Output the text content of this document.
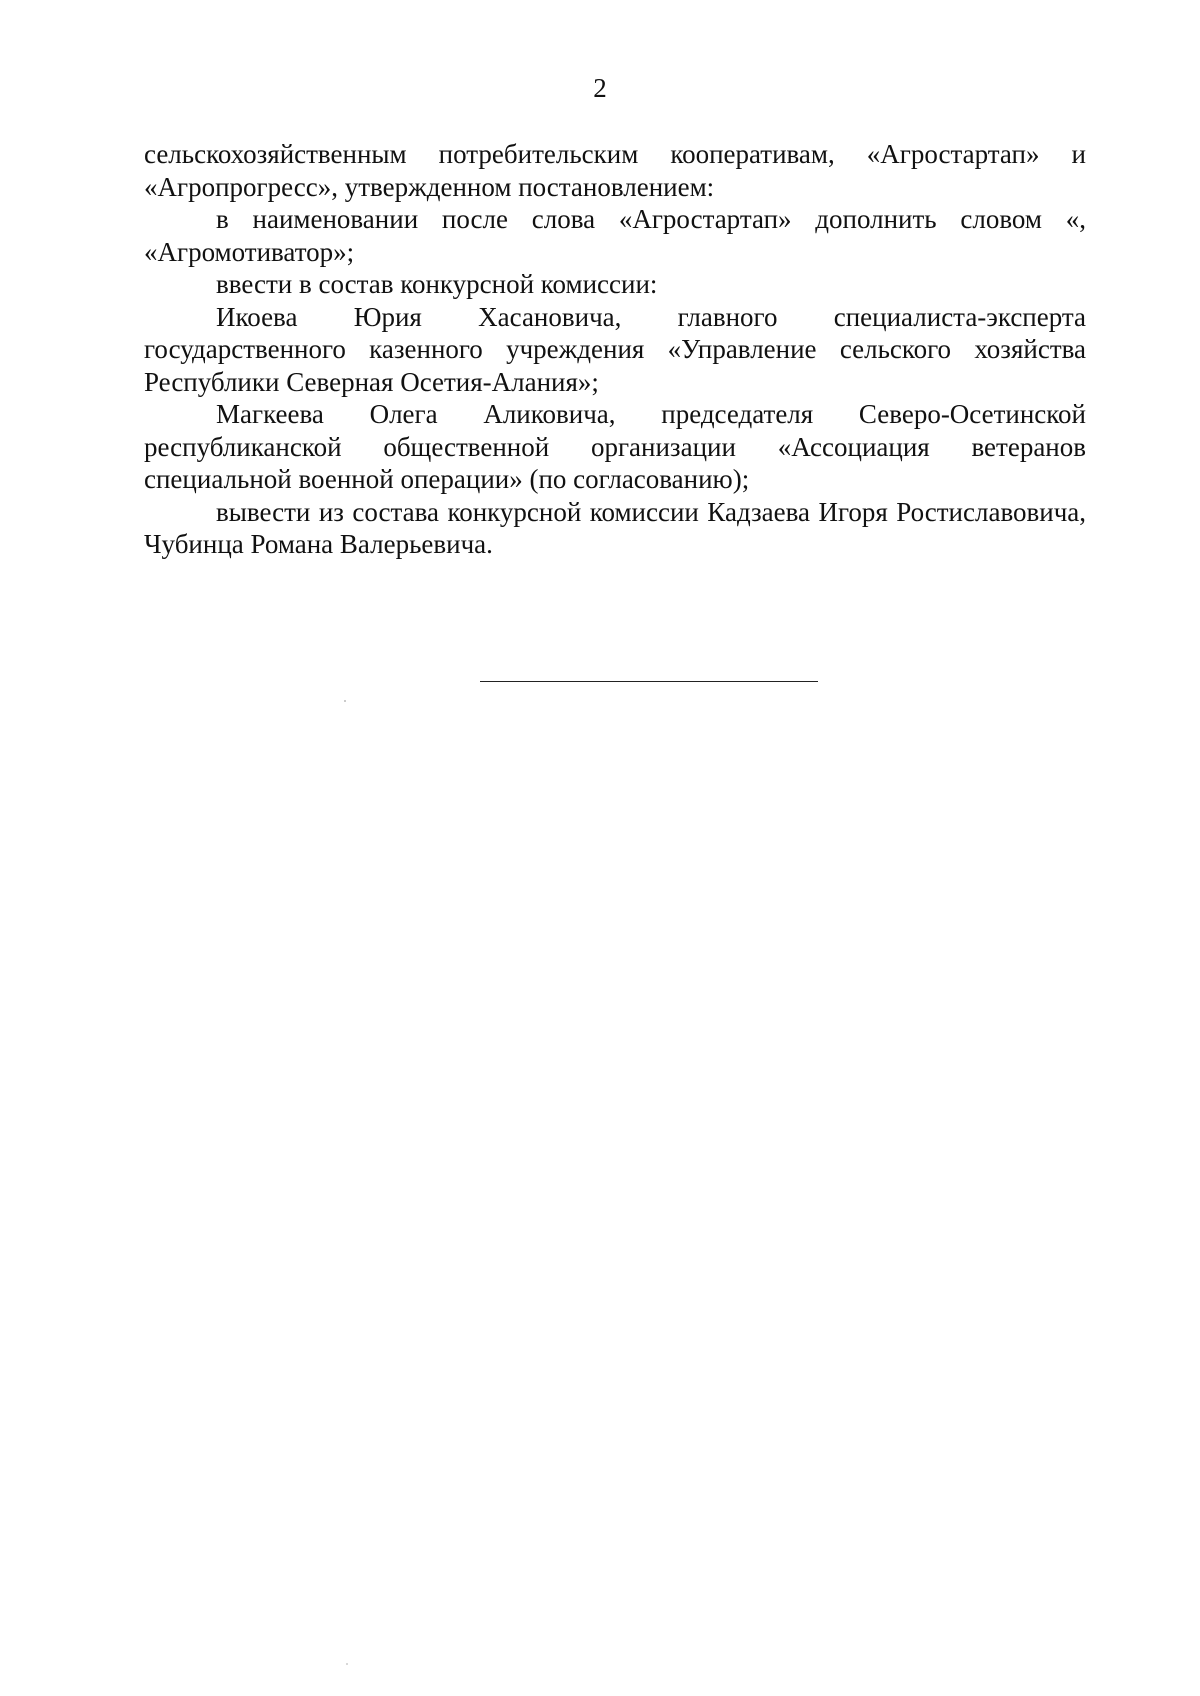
2

сельскохозяйственным потребительским кооперативам, «Агростартап» и «Агропрогресс», утвержденном постановлением:

в наименовании после слова «Агростартап» дополнить словом «, «Агромотиватор»;

ввести в состав конкурсной комиссии:

Икоева Юрия Хасановича, главного специалиста-эксперта государственного казенного учреждения «Управление сельского хозяйства Республики Северная Осетия-Алания»;

Магкеева Олега Аликовича, председателя Северо-Осетинской республиканской общественной организации «Ассоциация ветеранов специальной военной операции» (по согласованию);

вывести из состава конкурсной комиссии Кадзаева Игоря Ростиславовича, Чубинца Романа Валерьевича.
